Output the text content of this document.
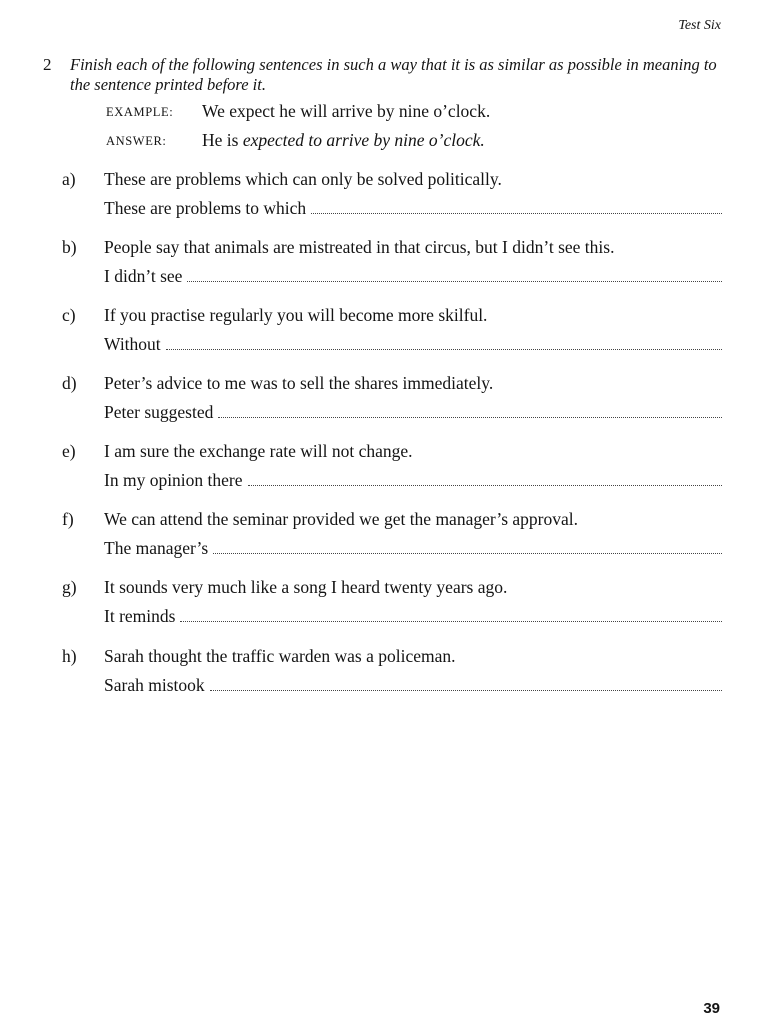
Test Six
2 Finish each of the following sentences in such a way that it is as similar as possible in meaning to the sentence printed before it.
EXAMPLE: We expect he will arrive by nine o’clock.
ANSWER: He is expected to arrive by nine o’clock.
a) These are problems which can only be solved politically.
These are problems to which
b) People say that animals are mistreated in that circus, but I didn’t see this.
I didn’t see
c) If you practise regularly you will become more skilful.
Without
d) Peter’s advice to me was to sell the shares immediately.
Peter suggested
e) I am sure the exchange rate will not change.
In my opinion there
f) We can attend the seminar provided we get the manager’s approval.
The manager’s
g) It sounds very much like a song I heard twenty years ago.
It reminds
h) Sarah thought the traffic warden was a policeman.
Sarah mistook
39
